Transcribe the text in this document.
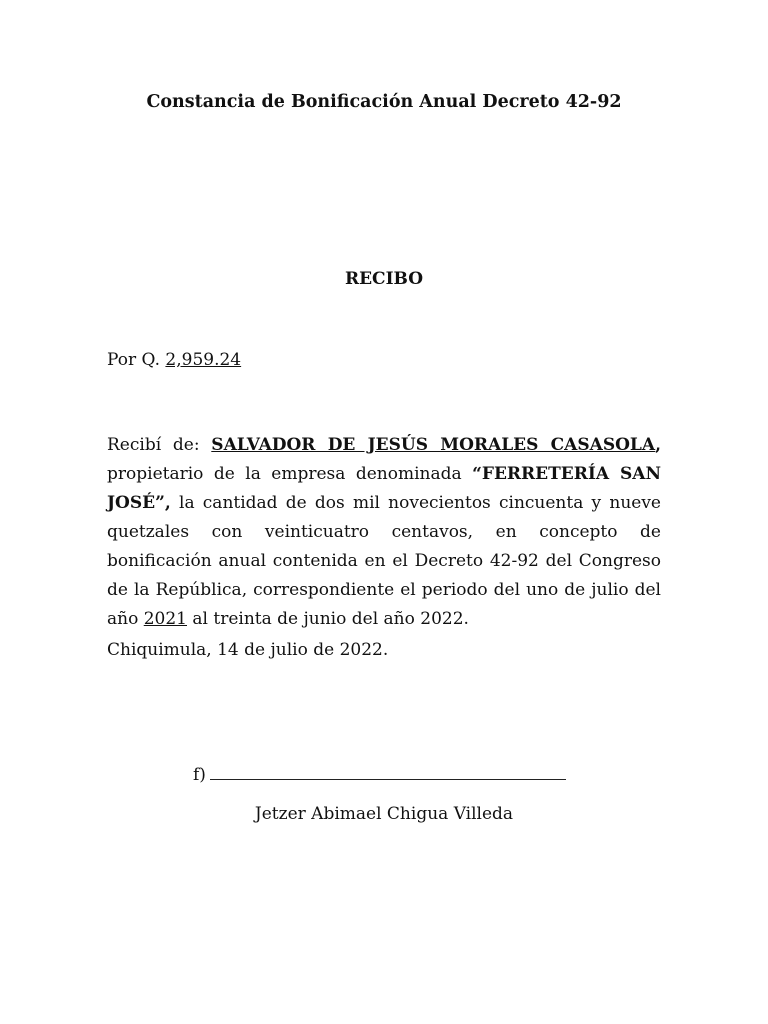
Constancia de Bonificación Anual Decreto 42-92
RECIBO
Por Q. 2,959.24
Recibí de: SALVADOR DE JESÚS MORALES CASASOLA, propietario de la empresa denominada “FERRETERÍA SAN JOSÉ”, la cantidad de dos mil novecientos cincuenta y nueve quetzales con veinticuatro centavos, en concepto de bonificación anual contenida en el Decreto 42-92 del Congreso de la República, correspondiente el periodo del uno de julio del año 2021 al treinta de junio del año 2022.
Chiquimula, 14 de julio de 2022.
f)
Jetzer Abimael Chigua Villeda
